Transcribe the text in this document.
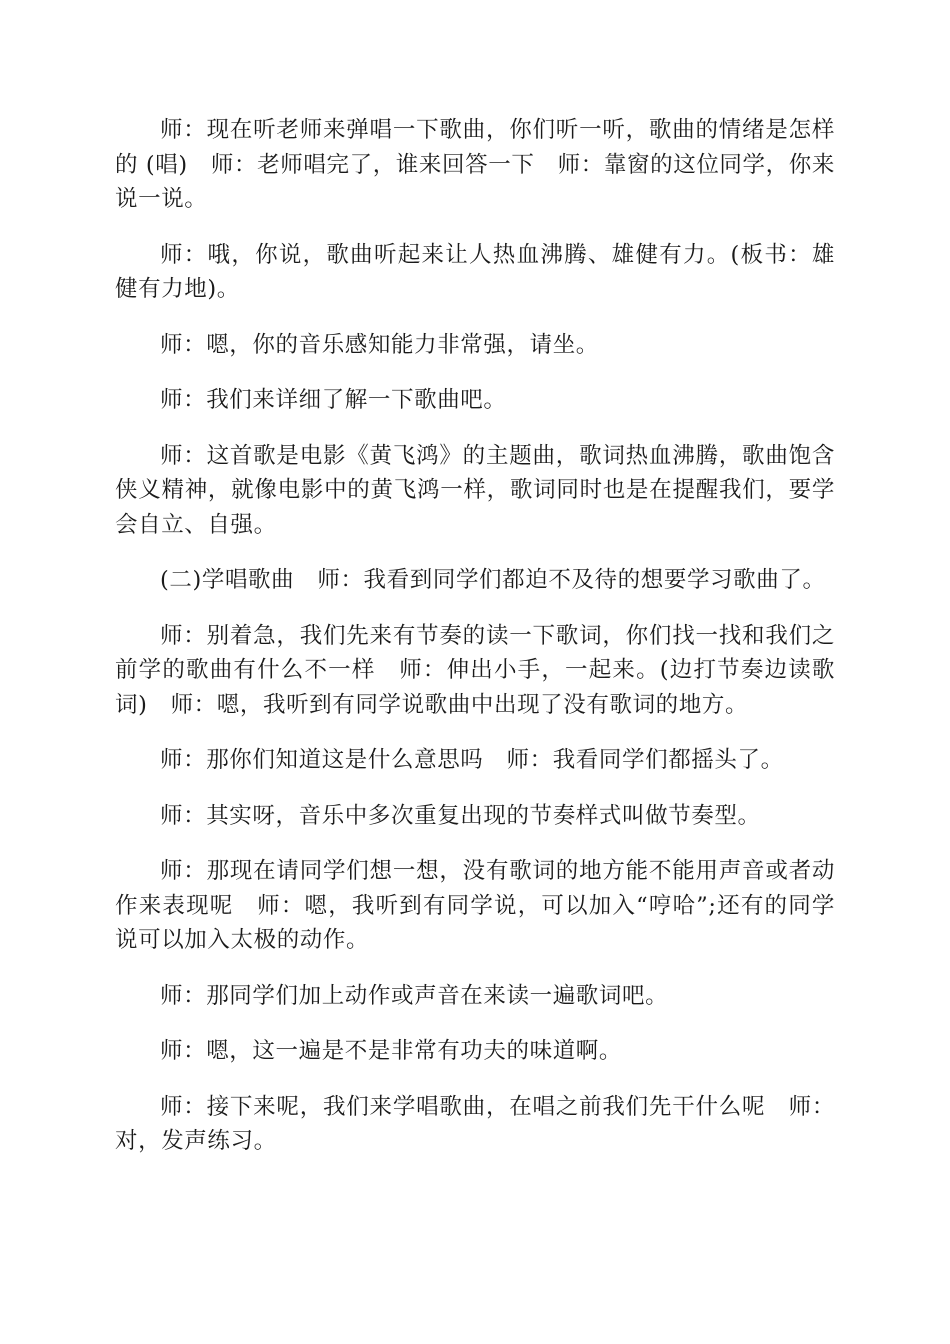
师：现在听老师来弹唱一下歌曲，你们听一听，歌曲的情绪是怎样的 (唱)　师：老师唱完了，谁来回答一下　师：靠窗的这位同学，你来说一说。

师：哦，你说，歌曲听起来让人热血沸腾、雄健有力。(板书：雄健有力地)。

师：嗯，你的音乐感知能力非常强，请坐。

师：我们来详细了解一下歌曲吧。

师：这首歌是电影《黄飞鸿》的主题曲，歌词热血沸腾，歌曲饱含侠义精神，就像电影中的黄飞鸿一样，歌词同时也是在提醒我们，要学会自立、自强。

(二)学唱歌曲　师：我看到同学们都迫不及待的想要学习歌曲了。

师：别着急，我们先来有节奏的读一下歌词，你们找一找和我们之前学的歌曲有什么不一样　师：伸出小手，一起来。(边打节奏边读歌词)　师：嗯，我听到有同学说歌曲中出现了没有歌词的地方。

师：那你们知道这是什么意思吗　师：我看同学们都摇头了。

师：其实呀，音乐中多次重复出现的节奏样式叫做节奏型。

师：那现在请同学们想一想，没有歌词的地方能不能用声音或者动作来表现呢　师：嗯，我听到有同学说，可以加入“哼哈”;还有的同学说可以加入太极的动作。

师：那同学们加上动作或声音在来读一遍歌词吧。

师：嗯，这一遍是不是非常有功夫的味道啊。

师：接下来呢，我们来学唱歌曲，在唱之前我们先干什么呢　师：对，发声练习。
